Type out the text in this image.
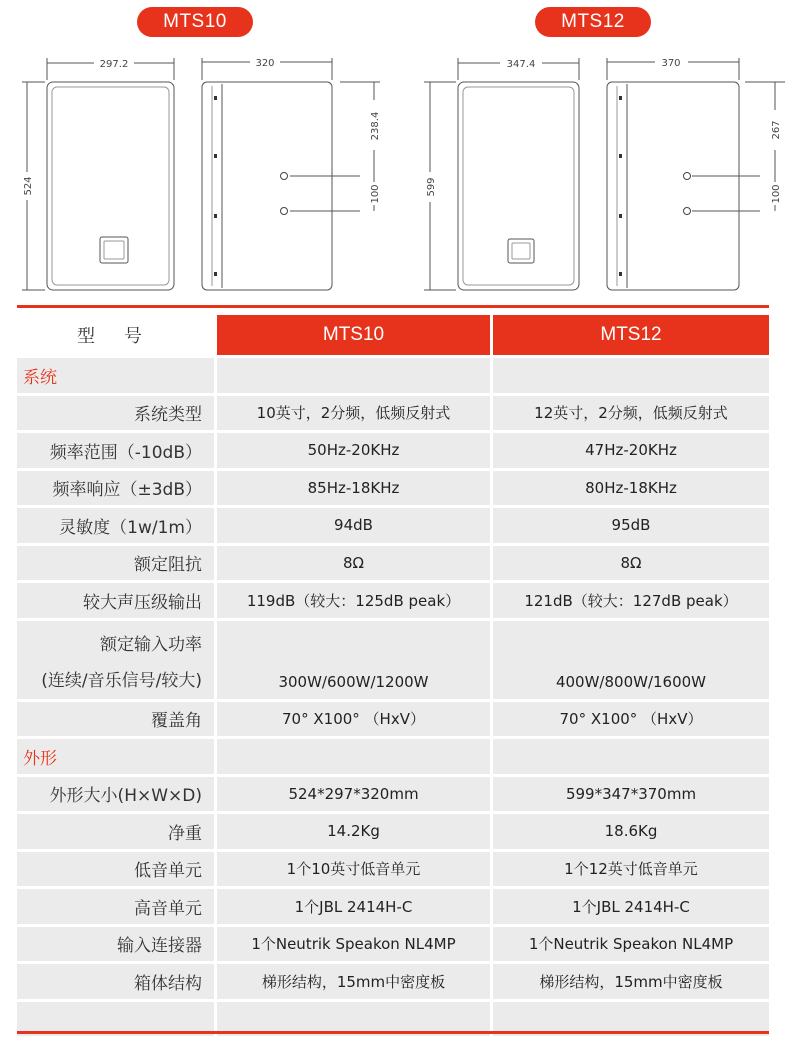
MTS10	MTS12
297.2	320
524
238.4
100
347.4	370
599
267
100
型 号	MTS10	MTS12
系统		
系统类型	10英寸，2分频，低频反射式	12英寸，2分频，低频反射式
频率范围（-10dB）	50Hz-20KHz	47Hz-20KHz
频率响应（±3dB）	85Hz-18KHz	80Hz-18KHz
灵敏度（1w/1m）	94dB	95dB
额定阻抗	8Ω	8Ω
较大声压级输出	119dB（较大：125dB peak）	121dB（较大：127dB peak）

额定输入功率
(连续/音乐信号/较大)	300W/600W/1200W	400W/800W/1600W
覆盖角	70° X100° （HxV）	70° X100° （HxV）
外形		
外形大小(H×W×D)	524*297*320mm	599*347*370mm
净重	14.2Kg	18.6Kg
低音单元	1个10英寸低音单元	1个12英寸低音单元
高音单元	1个JBL 2414H-C	1个JBL 2414H-C
输入连接器	1个Neutrik Speakon NL4MP	1个Neutrik Speakon NL4MP
箱体结构	梯形结构，15mm中密度板	梯形结构，15mm中密度板
